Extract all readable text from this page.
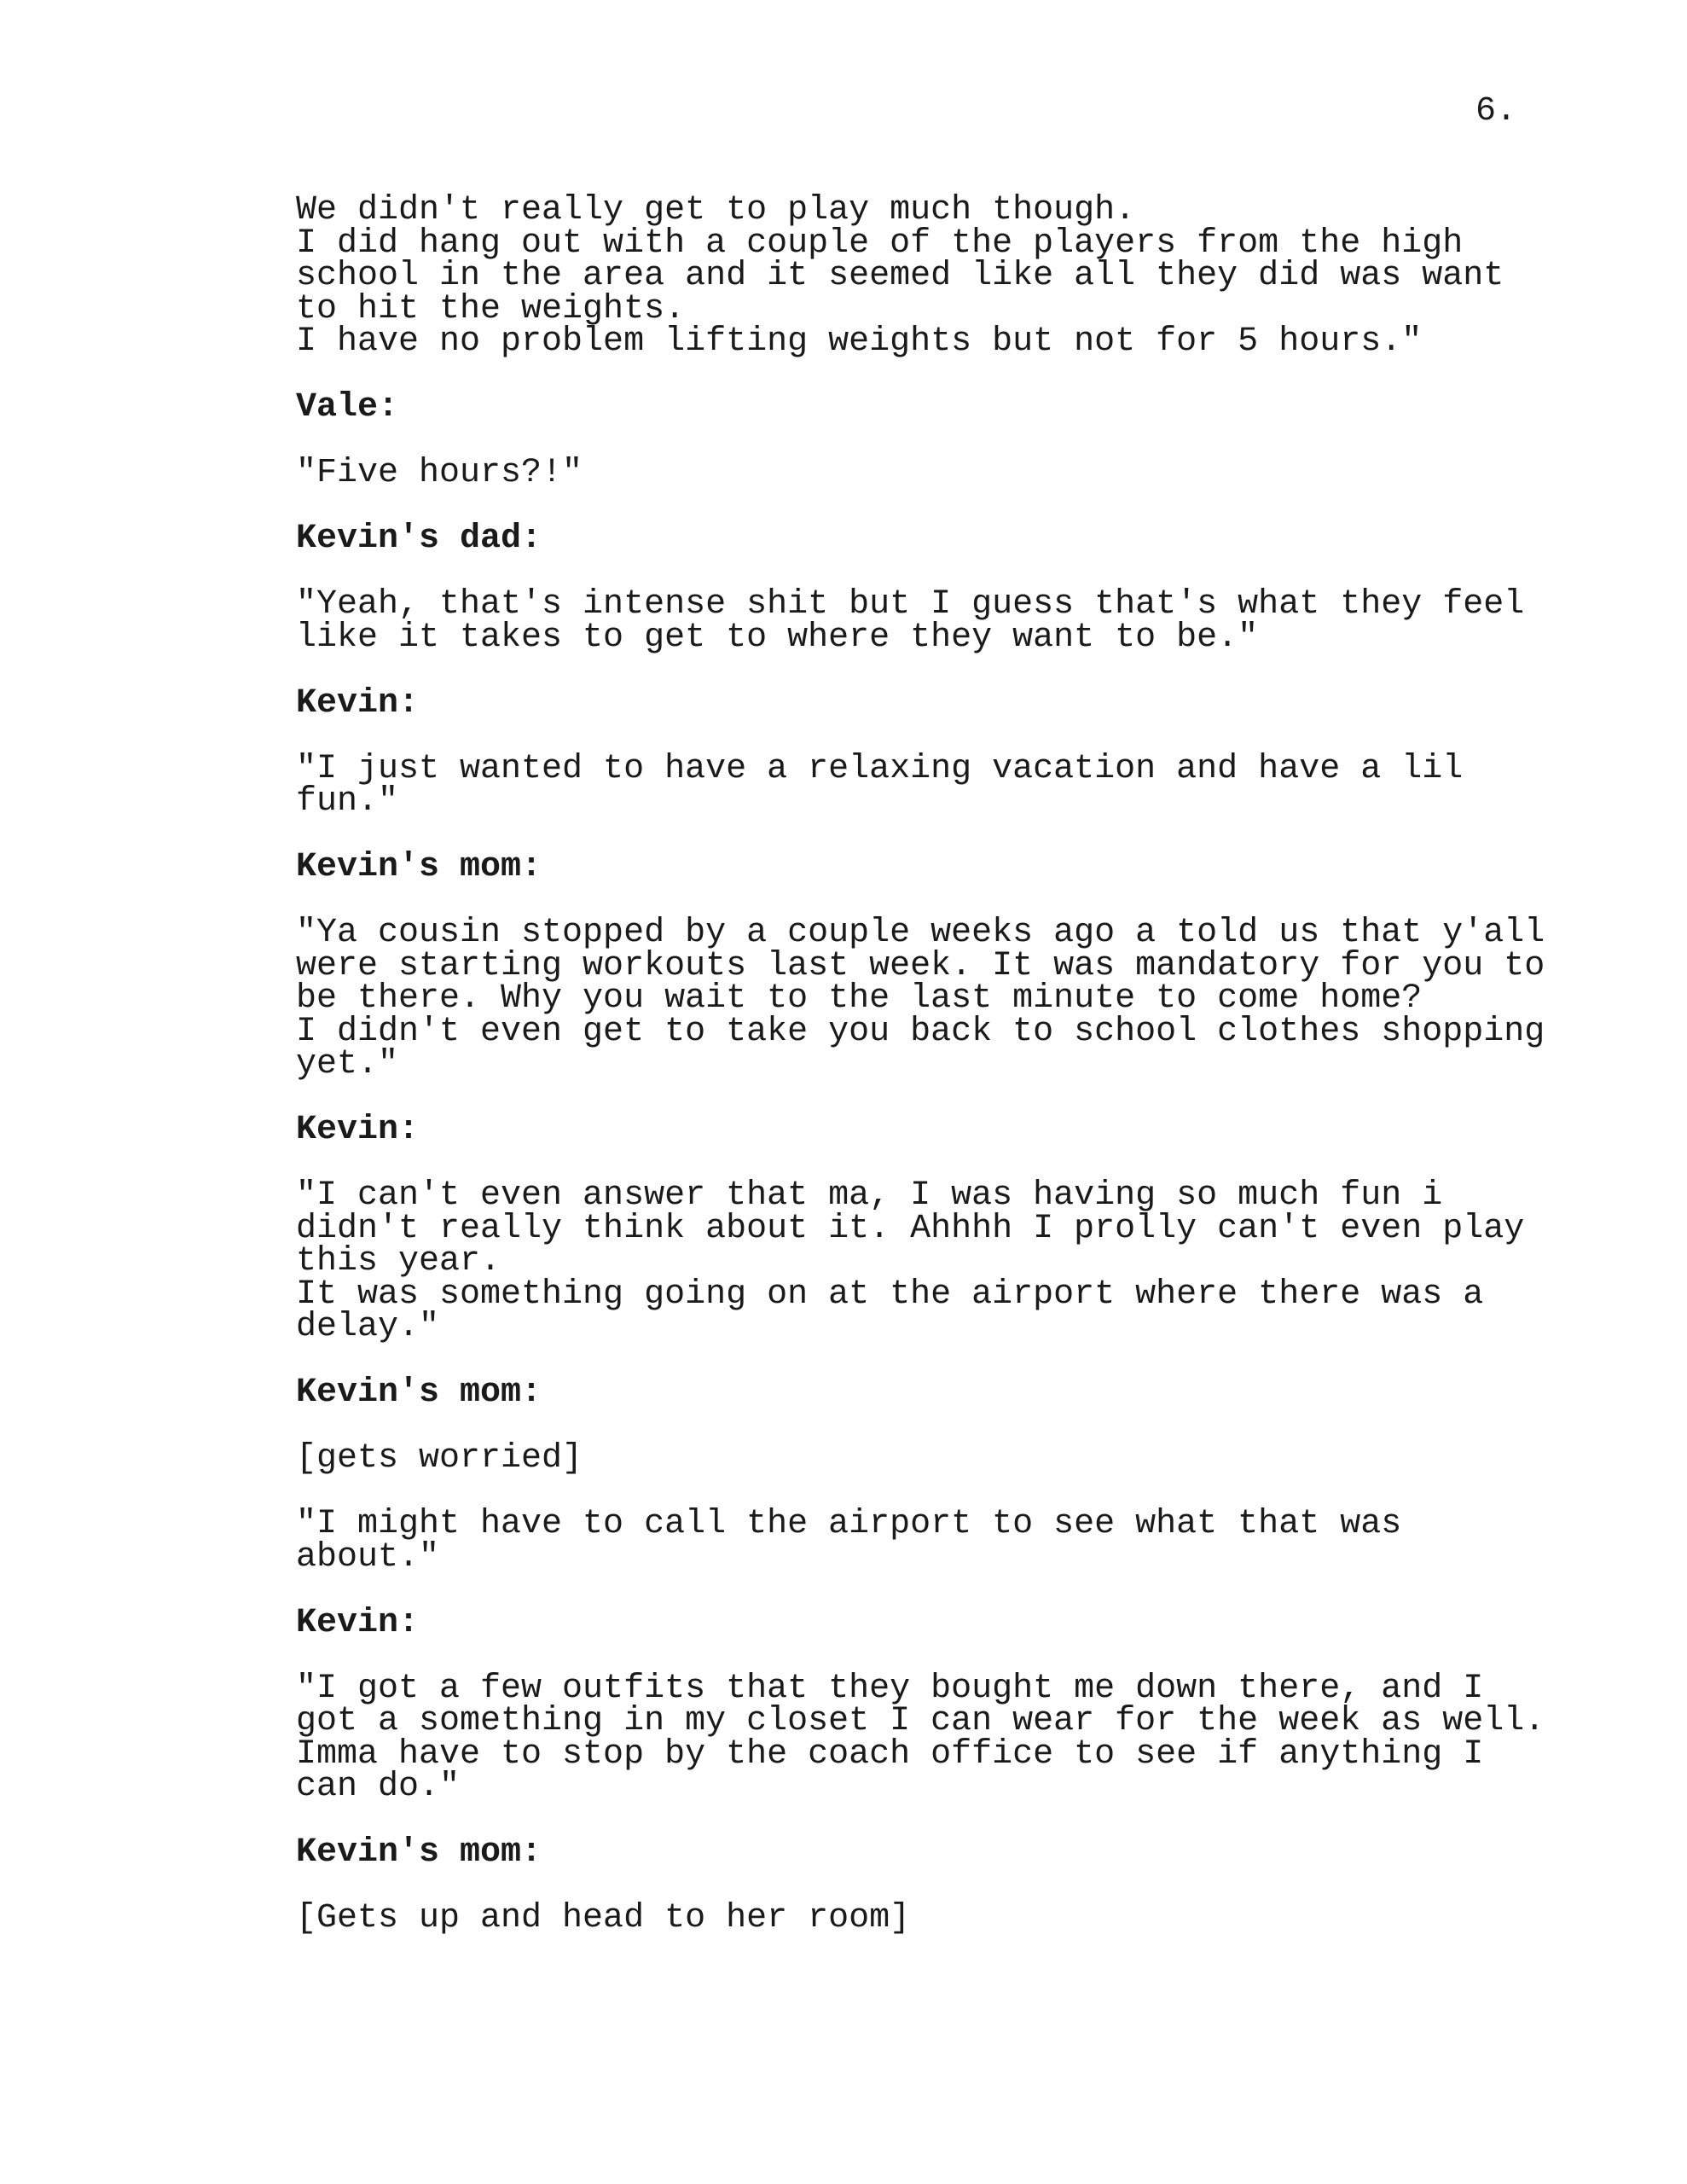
6.
We didn't really get to play much though.
I did hang out with a couple of the players from the high
school in the area and it seemed like all they did was want
to hit the weights.
I have no problem lifting weights but not for 5 hours."
Vale:
"Five hours?!"
Kevin's dad:
"Yeah, that's intense shit but I guess that's what they feel
like it takes to get to where they want to be."
Kevin:
"I just wanted to have a relaxing vacation and have a lil
fun."
Kevin's mom:
"Ya cousin stopped by a couple weeks ago a told us that y'all
were starting workouts last week. It was mandatory for you to
be there. Why you wait to the last minute to come home?
I didn't even get to take you back to school clothes shopping
yet."
Kevin:
"I can't even answer that ma, I was having so much fun i
didn't really think about it. Ahhhh I prolly can't even play
this year.
It was something going on at the airport where there was a
delay."
Kevin's mom:
[gets worried]
"I might have to call the airport to see what that was
about."
Kevin:
"I got a few outfits that they bought me down there, and I
got a something in my closet I can wear for the week as well.
Imma have to stop by the coach office to see if anything I
can do."
Kevin's mom:
[Gets up and head to her room]
